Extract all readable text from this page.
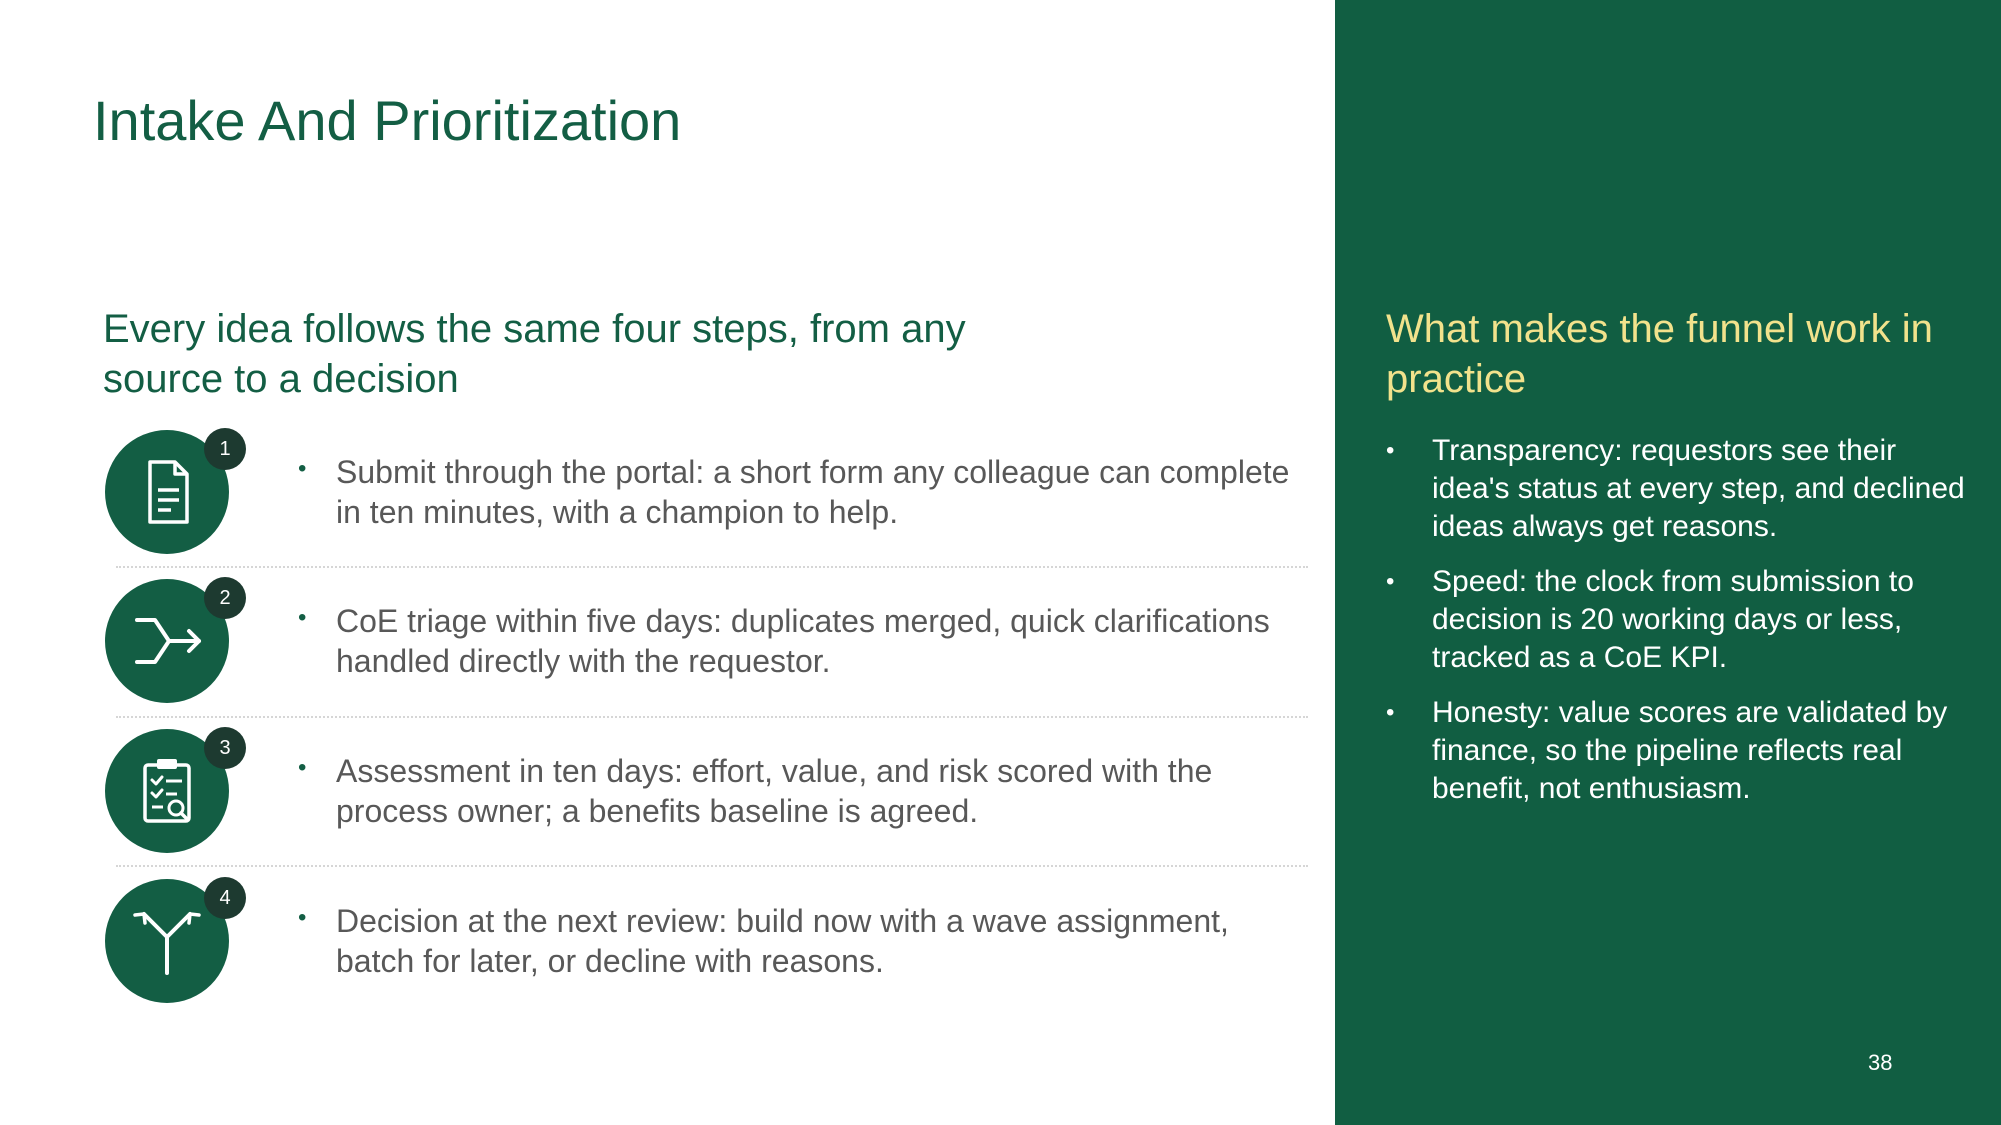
Intake And Prioritization
Every idea follows the same four steps, from any source to a decision
1
• Submit through the portal: a short form any colleague can complete in ten minutes, with a champion to help.
2
• CoE triage within five days: duplicates merged, quick clarifications handled directly with the requestor.
3
• Assessment in ten days: effort, value, and risk scored with the process owner; a benefits baseline is agreed.
4
• Decision at the next review: build now with a wave assignment, batch for later, or decline with reasons.
What makes the funnel work in practice
• Transparency: requestors see their idea's status at every step, and declined ideas always get reasons.
• Speed: the clock from submission to decision is 20 working days or less, tracked as a CoE KPI.
• Honesty: value scores are validated by finance, so the pipeline reflects real benefit, not enthusiasm.
38
